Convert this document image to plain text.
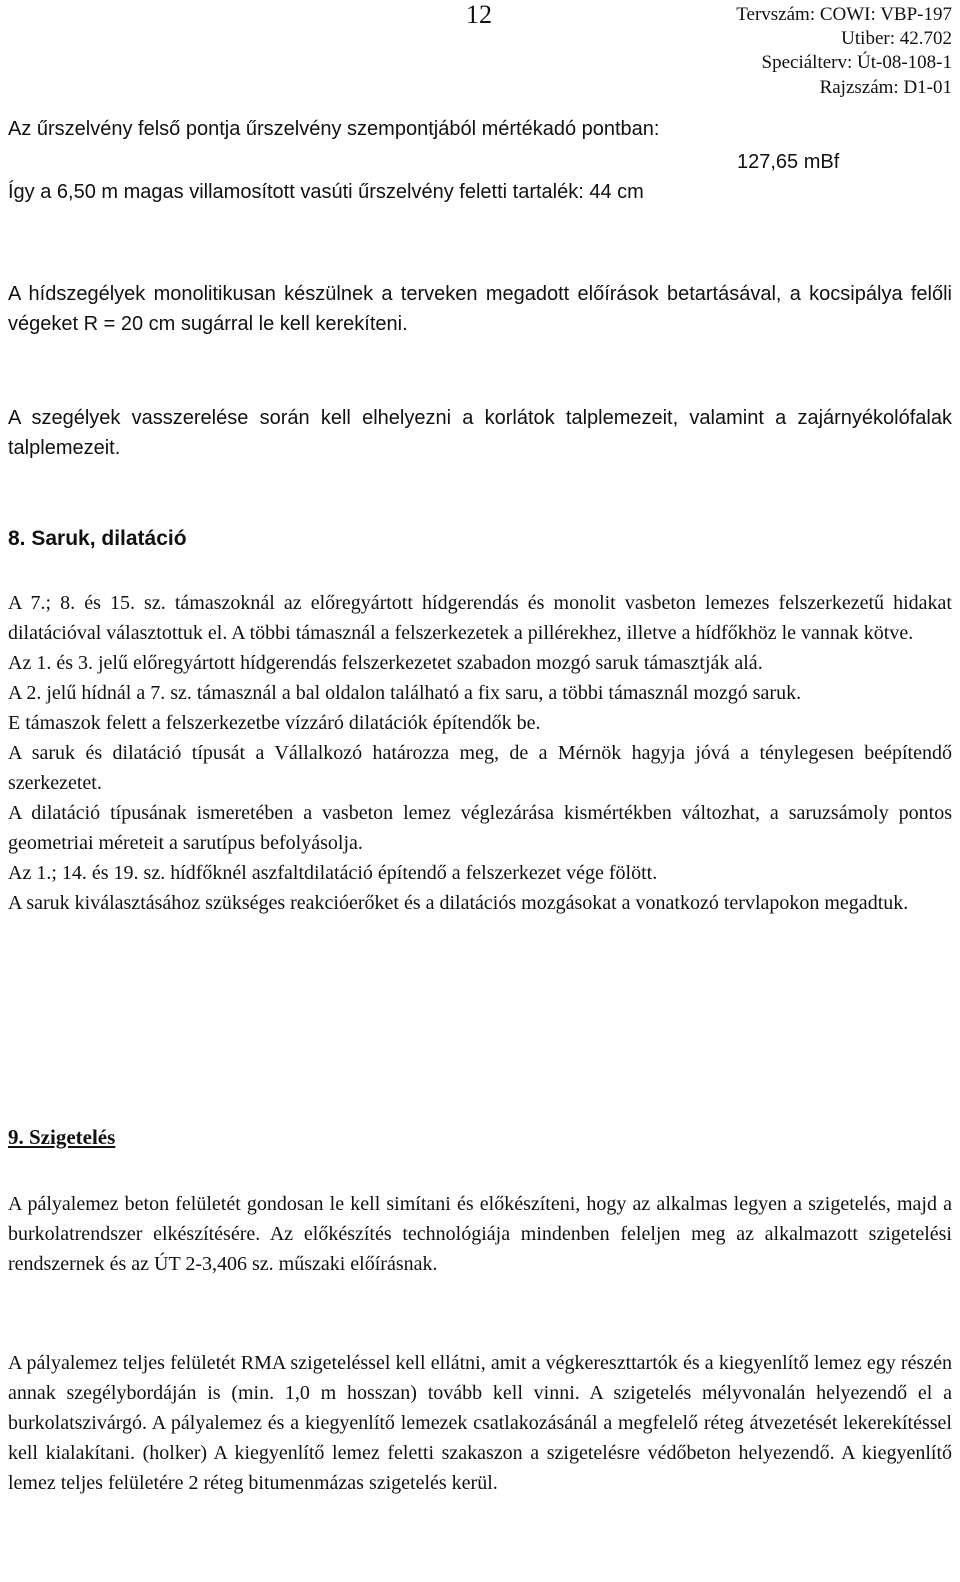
12	Tervszám: COWI: VBP-197
Utiber: 42.702
Speciálterv: Út-08-108-1
Rajzszám: D1-01
Az űrszelvény felső pontja űrszelvény szempontjából mértékadó pontban:
127,65 mBf
Így a 6,50 m magas villamosított vasúti űrszelvény feletti tartalék: 44 cm

A hídszegélyek monolitikusan készülnek a terveken megadott előírások betartásával, a kocsipálya felőli végeket R = 20 cm sugárral le kell kerekíteni.

A szegélyek vasszerelése során kell elhelyezni a korlátok talplemezeit, valamint a zajárnyékolófalak talplemezeit.

8. Saruk, dilatáció
A 7.; 8. és 15. sz. támaszoknál az előregyártott hídgerendás és monolit vasbeton lemezes felszerkezetű hidakat dilatációval választottuk el. A többi támasznál a felszerkezetek a pillérekhez, illetve a hídfőkhöz le vannak kötve.
Az 1. és 3. jelű előregyártott hídgerendás felszerkezetet szabadon mozgó saruk támasztják alá.
A 2. jelű hídnál a 7. sz. támasznál a bal oldalon található a fix saru, a többi támasznál mozgó saruk.
E támaszok felett a felszerkezetbe vízzáró dilatációk építendők be.
A saruk és dilatáció típusát a Vállalkozó határozza meg, de a Mérnök hagyja jóvá a ténylegesen beépítendő szerkezetet.
A dilatáció típusának ismeretében a vasbeton lemez véglezárása kismértékben változhat, a saruzsámoly pontos geometriai méreteit a sarutípus befolyásolja.
Az 1.; 14. és 19. sz. hídfőknél aszfaltdilatáció építendő a felszerkezet vége fölött.
A saruk kiválasztásához szükséges reakcióerőket és a dilatációs mozgásokat a vonatkozó tervlapokon megadtuk.
9. Szigetelés

A pályalemez beton felületét gondosan le kell simítani és előkészíteni, hogy az alkalmas legyen a szigetelés, majd a burkolatrendszer elkészítésére. Az előkészítés technológiája mindenben feleljen meg az alkalmazott szigetelési rendszernek és az ÚT 2-3,406 sz. műszaki előírásnak.

A pályalemez teljes felületét RMA szigeteléssel kell ellátni, amit a végkereszttartók és a kiegyenlítő lemez egy részén annak szegélybordáján is (min. 1,0 m hosszan) tovább kell vinni. A szigetelés mélyvonalán helyezendő el a burkolatszivárgó. A pályalemez és a kiegyenlítő lemezek csatlakozásánál a megfelelő réteg átvezetését lekerekítéssel kell kialakítani. (holker) A kiegyenlítő lemez feletti szakaszon a szigetelésre védőbeton helyezendő. A kiegyenlítő lemez teljes felületére 2 réteg bitumenmázas szigetelés kerül.
